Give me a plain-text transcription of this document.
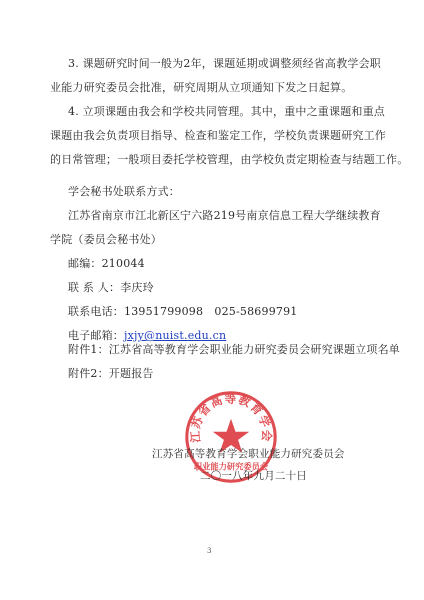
3. 课题研究时间一般为2年，课题延期或调整须经省高教学会职

业能力研究委员会批准，研究周期从立项通知下发之日起算。

4. 立项课题由我会和学校共同管理。其中，重中之重课题和重点

课题由我会负责项目指导、检查和鉴定工作，学校负责课题研究工作

的日常管理；一般项目委托学校管理，由学校负责定期检查与结题工作。

学会秘书处联系方式：

江苏省南京市江北新区宁六路219号南京信息工程大学继续教育

学院（委员会秘书处）

邮编：210044

联 系 人：李庆玲

联系电话：13951799098　025-58699791

电子邮箱：jxjy@nuist.edu.cn

附件1：江苏省高等教育学会职业能力研究委员会研究课题立项名单

附件2：开题报告

江苏省高等教育学会
职业能力研究委员会

江苏省高等教育学会职业能力研究委员会

二〇一八年九月二十日

3
